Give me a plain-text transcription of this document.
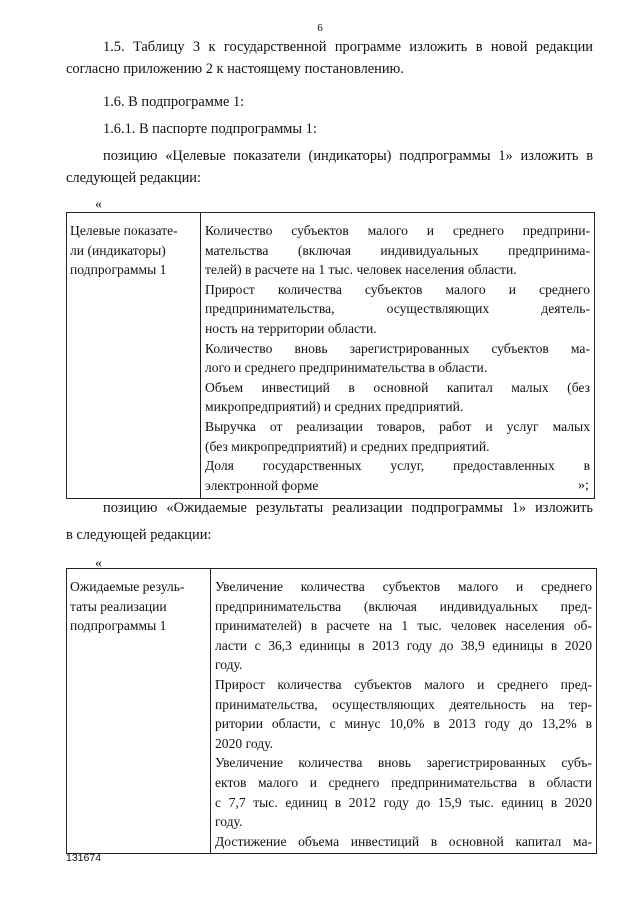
6
1.5. Таблицу 3 к государственной программе изложить в новой редакции
согласно приложению 2 к настоящему постановлению.
1.6. В подпрограмме 1:
1.6.1. В паспорте подпрограммы 1:
позицию «Целевые показатели (индикаторы) подпрограммы 1» изложить в
следующей редакции:
«
Целевые показате-
ли (индикаторы)
подпрограммы 1

Количество субъектов малого и среднего предприни-
мательства (включая индивидуальных предпринима-
телей) в расчете на 1 тыс. человек населения области.
Прирост количества субъектов малого и среднего
предпринимательства, осуществляющих деятель-
ность на территории области.
Количество вновь зарегистрированных субъектов ма-
лого и среднего предпринимательства в области.
Объем инвестиций в основной капитал малых (без
микропредприятий) и средних предприятий.
Выручка от реализации товаров, работ и услуг малых
(без микропредприятий) и средних предприятий.
Доля государственных услуг, предоставленных в
электронной форме	»;
позицию «Ожидаемые результаты реализации подпрограммы 1» изложить
в следующей редакции:
«
Ожидаемые резуль-
таты реализации
подпрограммы 1

Увеличение количества субъектов малого и среднего
предпринимательства (включая индивидуальных пред-
принимателей) в расчете на 1 тыс. человек населения об-
ласти с 36,3 единицы в 2013 году до 38,9 единицы в 2020
году.
Прирост количества субъектов малого и среднего пред-
принимательства, осуществляющих деятельность на тер-
ритории области, с минус 10,0% в 2013 году до 13,2% в
2020 году.
Увеличение количества вновь зарегистрированных субъ-
ектов малого и среднего предпринимательства в области
с 7,7 тыс. единиц в 2012 году до 15,9 тыс. единиц в 2020
году.
Достижение объема инвестиций в основной капитал ма-
131674
